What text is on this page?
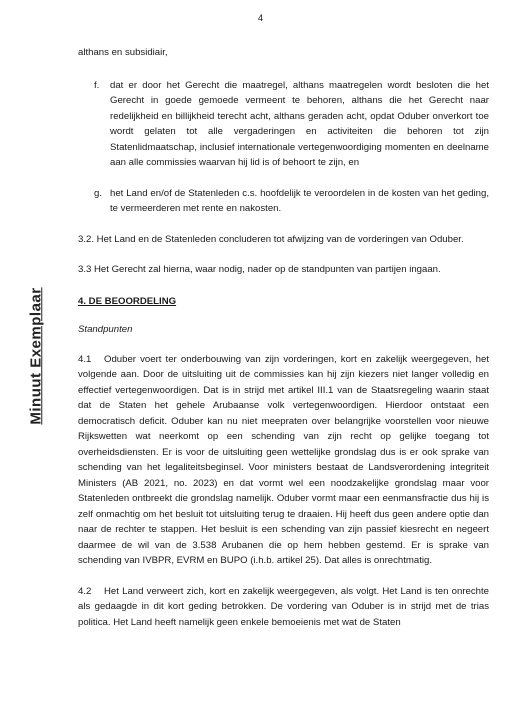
4
Minuut Exemplaar

althans en subsidiair,

f. dat er door het Gerecht die maatregel, althans maatregelen wordt besloten die het Gerecht in goede gemoede vermeent te behoren, althans die het Gerecht naar redelijkheid en billijkheid terecht acht, althans geraden acht, opdat Oduber onverkort toe wordt gelaten tot alle vergaderingen en activiteiten die behoren tot zijn Statenlidmaatschap, inclusief internationale vertegenwoordiging momenten en deelname aan alle commissies waarvan hij lid is of behoort te zijn, en
g. het Land en/of de Statenleden c.s. hoofdelijk te veroordelen in de kosten van het geding, te vermeerderen met rente en nakosten.

3.2. Het Land en de Statenleden concluderen tot afwijzing van de vorderingen van Oduber.

3.3 Het Gerecht zal hierna, waar nodig, nader op de standpunten van partijen ingaan.

4. DE BEOORDELING

Standpunten

4.1 Oduber voert ter onderbouwing van zijn vorderingen, kort en zakelijk weergegeven, het volgende aan. Door de uitsluiting uit de commissies kan hij zijn kiezers niet langer volledig en effectief vertegenwoordigen. Dat is in strijd met artikel III.1 van de Staatsregeling waarin staat dat de Staten het gehele Arubaanse volk vertegenwoordigen. Hierdoor ontstaat een democratisch deficit. Oduber kan nu niet meepraten over belangrijke voorstellen voor nieuwe Rijkswetten wat neerkomt op een schending van zijn recht op gelijke toegang tot overheidsdiensten. Er is voor de uitsluiting geen wettelijke grondslag dus is er ook sprake van schending van het legaliteitsbeginsel. Voor ministers bestaat de Landsverordening integriteit Ministers (AB 2021, no. 2023) en dat vormt wel een noodzakelijke grondslag maar voor Statenleden ontbreekt die grondslag namelijk. Oduber vormt maar een eenmansfractie dus hij is zelf onmachtig om het besluit tot uitsluiting terug te draaien. Hij heeft dus geen andere optie dan naar de rechter te stappen. Het besluit is een schending van zijn passief kiesrecht en negeert daarmee de wil van de 3.538 Arubanen die op hem hebben gestemd. Er is sprake van schending van IVBPR, EVRM en BUPO (i.h.b. artikel 25). Dat alles is onrechtmatig.

4.2 Het Land verweert zich, kort en zakelijk weergegeven, als volgt. Het Land is ten onrechte als gedaagde in dit kort geding betrokken. De vordering van Oduber is in strijd met de trias politica. Het Land heeft namelijk geen enkele bemoeienis met wat de Staten
